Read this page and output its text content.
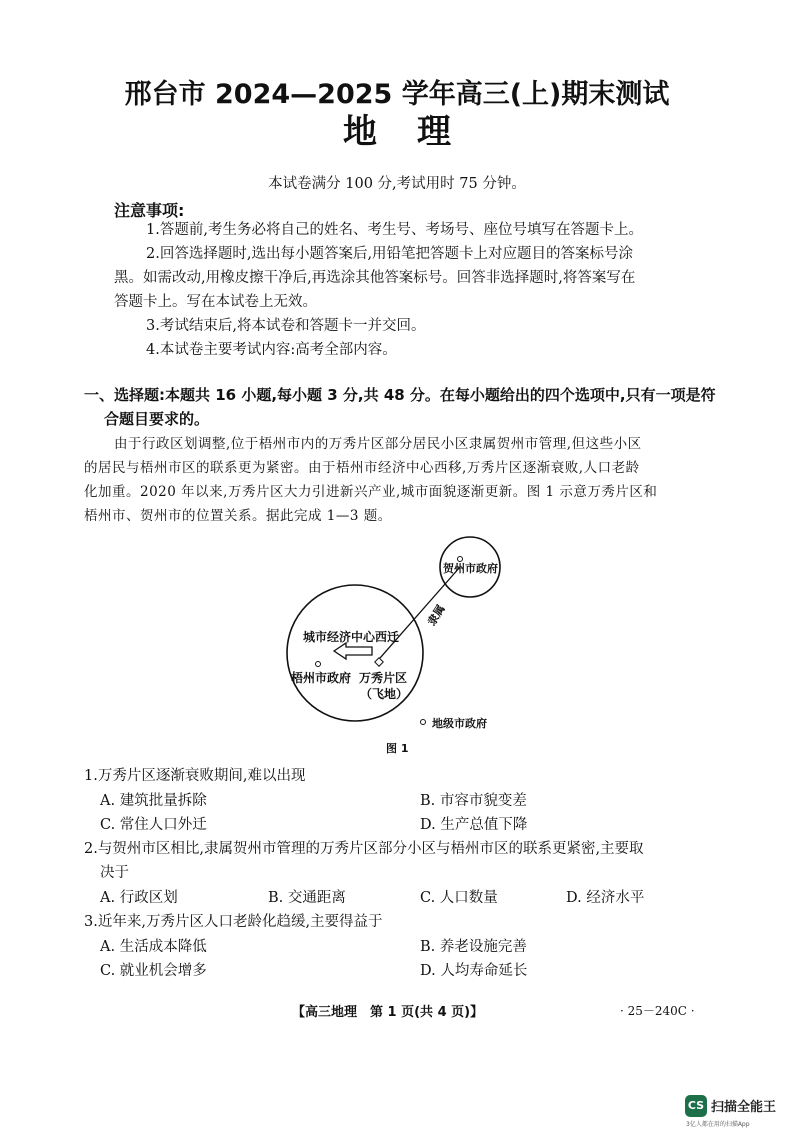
邢台市 2024—2025 学年高三(上)期末测试
地理
本试卷满分 100 分,考试用时 75 分钟。
注意事项:
1.答题前,考生务必将自己的姓名、考生号、考场号、座位号填写在答题卡上。
2.回答选择题时,选出每小题答案后,用铅笔把答题卡上对应题目的答案标号涂
黑。如需改动,用橡皮擦干净后,再选涂其他答案标号。回答非选择题时,将答案写在
答题卡上。写在本试卷上无效。
3.考试结束后,将本试卷和答题卡一并交回。
4.本试卷主要考试内容:高考全部内容。
一、选择题:本题共 16 小题,每小题 3 分,共 48 分。在每小题给出的四个选项中,只有一项是符
合题目要求的。
由于行政区划调整,位于梧州市内的万秀片区部分居民小区隶属贺州市管理,但这些小区
的居民与梧州市区的联系更为紧密。由于梧州市经济中心西移,万秀片区逐渐衰败,人口老龄
化加重。2020 年以来,万秀片区大力引进新兴产业,城市面貌逐渐更新。图 1 示意万秀片区和
梧州市、贺州市的位置关系。据此完成 1—3 题。
贺州市政府
隶属
城市经济中心西迁
梧州市政府 万秀片区
（飞地）
地级市政府
图 1
1.万秀片区逐渐衰败期间,难以出现
A. 建筑批量拆除	B. 市容市貌变差
C. 常住人口外迁	D. 生产总值下降
2.与贺州市区相比,隶属贺州市管理的万秀片区部分小区与梧州市区的联系更紧密,主要取
决于
A. 行政区划	B. 交通距离	C. 人口数量	D. 经济水平
3.近年来,万秀片区人口老龄化趋缓,主要得益于
A. 生活成本降低	B. 养老设施完善
C. 就业机会增多	D. 人均寿命延长
【高三地理　第 1 页(共 4 页)】	· 25－240C ·
CS 扫描全能王
3亿人都在用的扫描App
